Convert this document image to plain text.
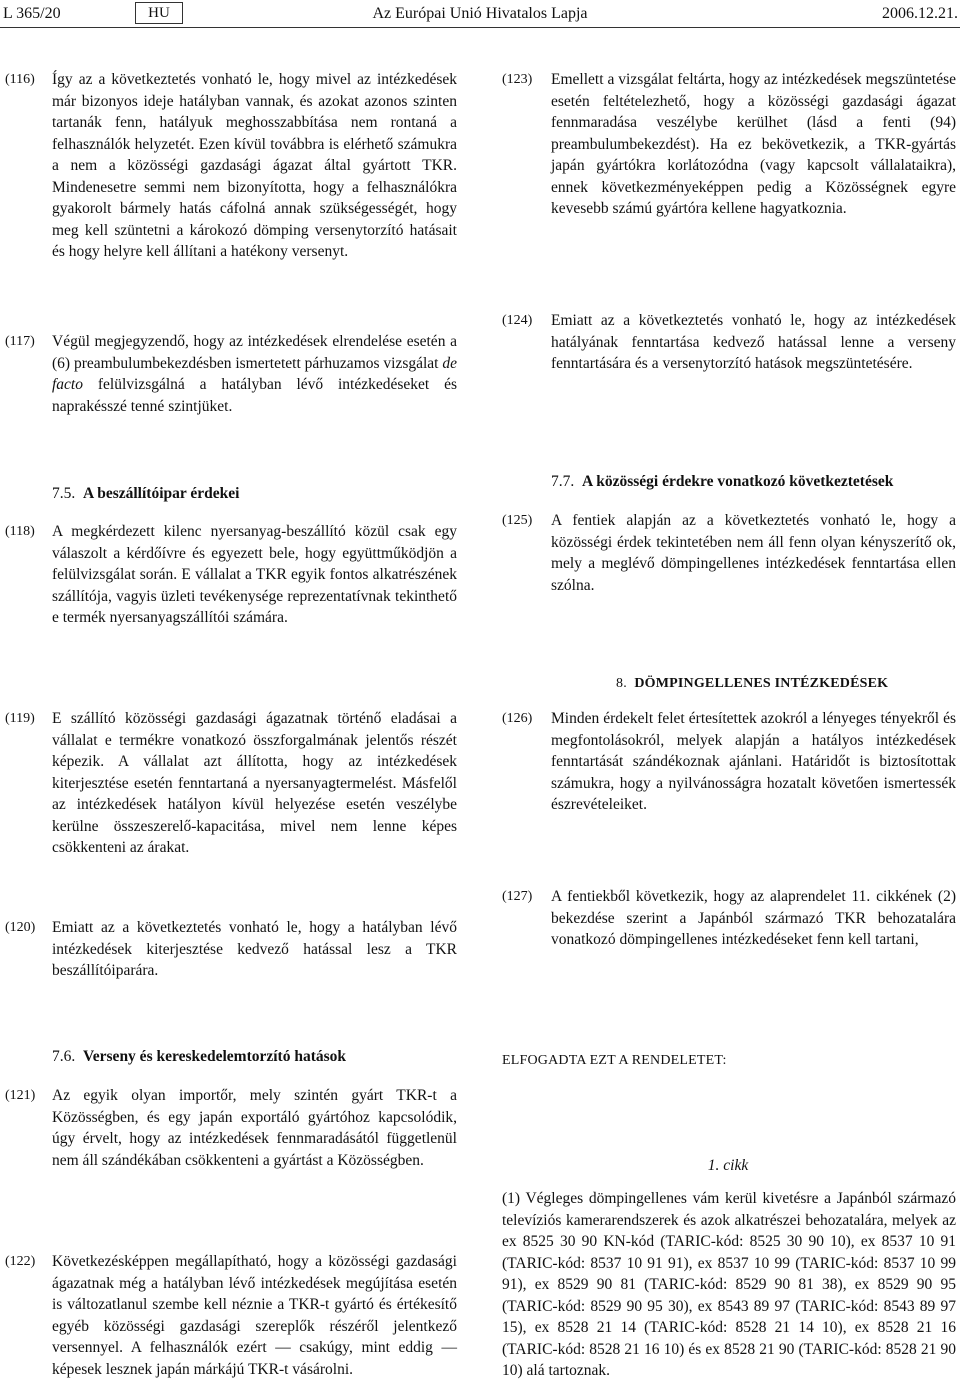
L 365/20	HU	Az Európai Unió Hivatalos Lapja	2006.12.21.
(116) Így az a következtetés vonható le, hogy mivel az intézkedések már bizonyos ideje hatályban vannak, és azokat azonos szinten tartanák fenn, hatályuk meghosszabbítása nem rontaná a felhasználók helyzetét. Ezen kívül továbbra is elérhető számukra a nem a közösségi gazdasági ágazat által gyártott TKR. Mindenesetre semmi nem bizonyította, hogy a felhasználókra gyakorolt bármely hatás cáfolná annak szükségességét, hogy meg kell szüntetni a károkozó dömping versenytorzító hatásait és hogy helyre kell állítani a hatékony versenyt.
(117) Végül megjegyzendő, hogy az intézkedések elrendelése esetén a (6) preambulumbekezdésben ismertetett párhuzamos vizsgálat de facto felülvizsgálná a hatályban lévő intézkedéseket és naprakésszé tenné szintjüket.
7.5. A beszállítóipar érdekei
(118) A megkérdezett kilenc nyersanyag-beszállító közül csak egy válaszolt a kérdőívre és egyezett bele, hogy együttműködjön a felülvizsgálat során. E vállalat a TKR egyik fontos alkatrészének szállítója, vagyis üzleti tevékenysége reprezentatívnak tekinthető e termék nyersanyagszállítói számára.
(119) E szállító közösségi gazdasági ágazatnak történő eladásai a vállalat e termékre vonatkozó összforgalmának jelentős részét képezik. A vállalat azt állította, hogy az intézkedések kiterjesztése esetén fenntartaná a nyersanyagtermelést. Másfelől az intézkedések hatályon kívül helyezése esetén veszélybe kerülne összeszerelő-kapacitása, mivel nem lenne képes csökkenteni az árakat.
(120) Emiatt az a következtetés vonható le, hogy a hatályban lévő intézkedések kiterjesztése kedvező hatással lesz a TKR beszállítóiparára.
7.6. Verseny és kereskedelemtorzító hatások
(121) Az egyik olyan importőr, mely szintén gyárt TKR-t a Közösségben, és egy japán exportáló gyártóhoz kapcsolódik, úgy érvelt, hogy az intézkedések fennmaradásától függetlenül nem áll szándékában csökkenteni a gyártást a Közösségben.
(122) Következésképpen megállapítható, hogy a közösségi gazdasági ágazatnak még a hatályban lévő intézkedések megújítása esetén is változatlanul szembe kell néznie a TKR-t gyártó és értékesítő egyéb közösségi gazdasági szereplők részéről jelentkező versennyel. A felhasználók ezért — csakúgy, mint eddig — képesek lesznek japán márkájú TKR-t vásárolni.
(123) Emellett a vizsgálat feltárta, hogy az intézkedések megszüntetése esetén feltételezhető, hogy a közösségi gazdasági ágazat fennmaradása veszélybe kerülhet (lásd a fenti (94) preambulumbekezdést). Ha ez bekövetkezik, a TKR-gyártás japán gyártókra korlátozódna (vagy kapcsolt vállalataikra), ennek következményeképpen pedig a Közösségnek egyre kevesebb számú gyártóra kellene hagyatkoznia.
(124) Emiatt az a következtetés vonható le, hogy az intézkedések hatályának fenntartása kedvező hatással lenne a verseny fenntartására és a versenytorzító hatások megszüntetésére.
7.7. A közösségi érdekre vonatkozó következtetések
(125) A fentiek alapján az a következtetés vonható le, hogy a közösségi érdek tekintetében nem áll fenn olyan kényszerítő ok, mely a meglévő dömpingellenes intézkedések fenntartása ellen szólna.
8. DÖMPINGELLENES INTÉZKEDÉSEK
(126) Minden érdekelt felet értesítettek azokról a lényeges tényekről és megfontolásokról, melyek alapján a hatályos intézkedések fenntartását szándékoznak ajánlani. Határidőt is biztosítottak számukra, hogy a nyilvánosságra hozatalt követően ismertessék észrevételeiket.
(127) A fentiekből következik, hogy az alaprendelet 11. cikkének (2) bekezdése szerint a Japánból származó TKR behozatalára vonatkozó dömpingellenes intézkedéseket fenn kell tartani,
ELFOGADTA EZT A RENDELETET:
1. cikk
(1) Végleges dömpingellenes vám kerül kivetésre a Japánból származó televíziós kamerarendszerek és azok alkatrészei behozatalára, melyek az ex 8525 30 90 KN-kód (TARIC-kód: 8525 30 90 10), ex 8537 10 91 (TARIC-kód: 8537 10 91 91), ex 8537 10 99 (TARIC-kód: 8537 10 99 91), ex 8529 90 81 (TARIC-kód: 8529 90 81 38), ex 8529 90 95 (TARIC-kód: 8529 90 95 30), ex 8543 89 97 (TARIC-kód: 8543 89 97 15), ex 8528 21 14 (TARIC-kód: 8528 21 14 10), ex 8528 21 16 (TARIC-kód: 8528 21 16 10) és ex 8528 21 90 (TARIC-kód: 8528 21 90 10) alá tartoznak.
